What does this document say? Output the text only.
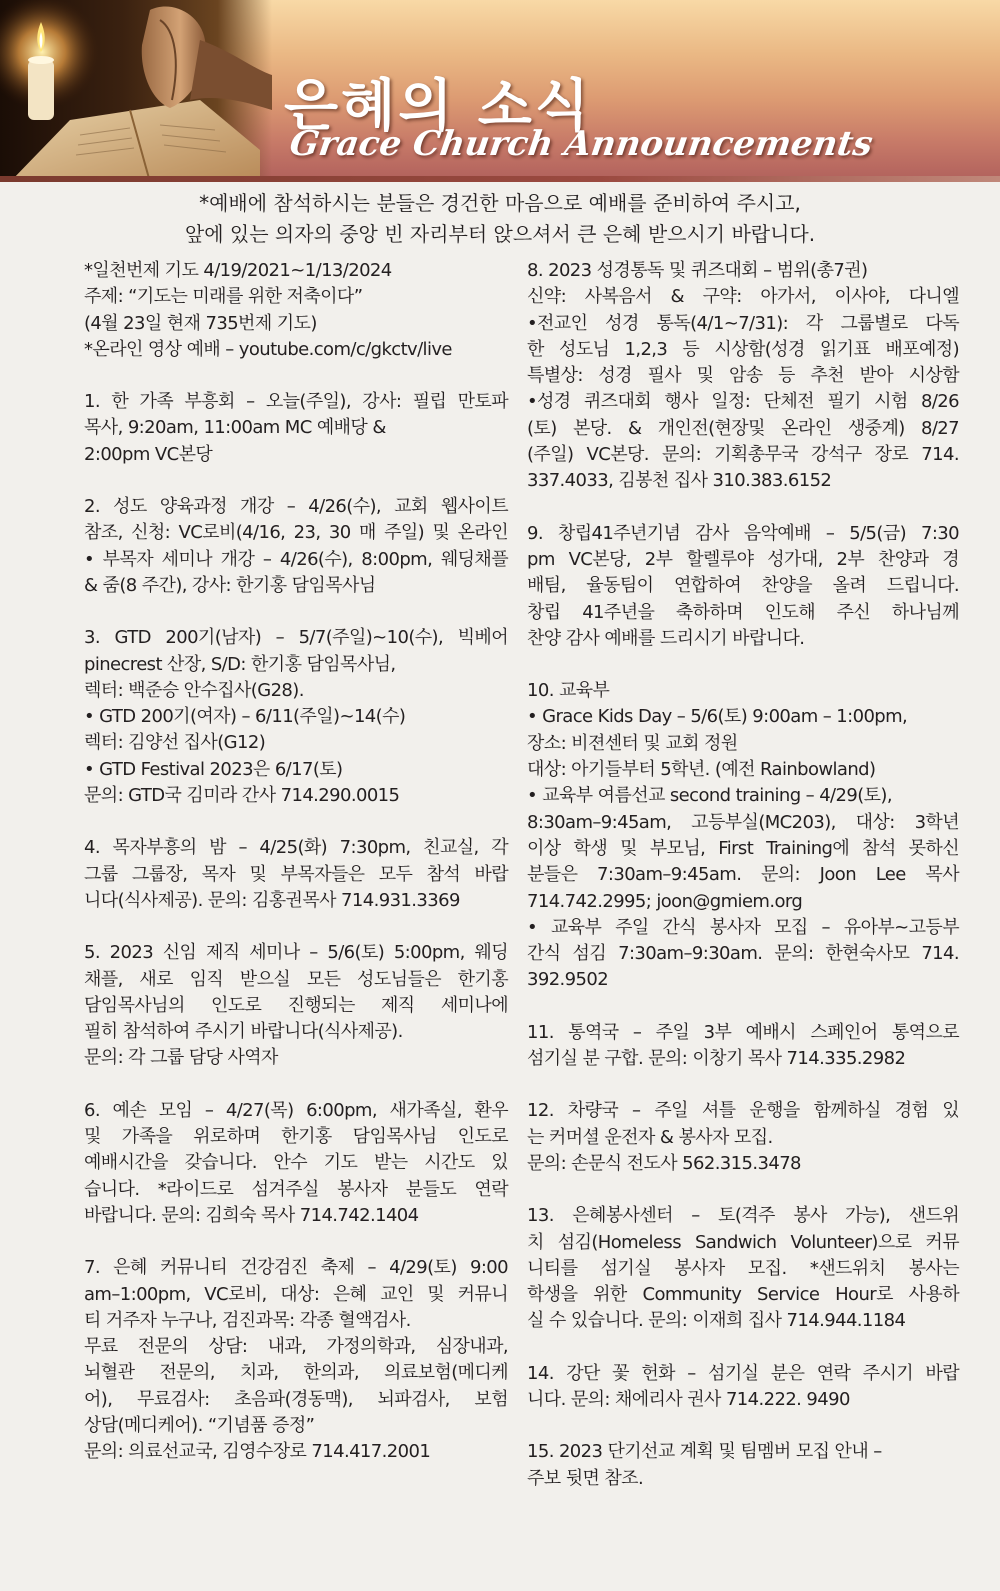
은혜의 소식
Grace Church Announcements

*예배에 참석하시는 분들은 경건한 마음으로 예배를 준비하여 주시고,

앞에 있는 의자의 중앙 빈 자리부터 앉으셔서 큰 은혜 받으시기 바랍니다.

*일천번제 기도 4/19/2021~1/13/2024
주제: “기도는 미래를 위한 저축이다”
(4월 23일 현재 735번제 기도)
*온라인 영상 예배 – youtube.com/c/gkctv/live
1. 한 가족 부흥회 – 오늘(주일), 강사: 필립 만토파
목사, 9:20am, 11:00am MC 예배당 &
2:00pm VC본당
2. 성도 양육과정 개강 – 4/26(수), 교회 웹사이트
참조, 신청: VC로비(4/16, 23, 30 매 주일) 및 온라인
• 부목자 세미나 개강 – 4/26(수), 8:00pm, 웨딩채플
& 줌(8 주간), 강사: 한기홍 담임목사님
3. GTD 200기(남자) – 5/7(주일)~10(수), 빅베어
pinecrest 산장, S/D: 한기홍 담임목사님,
렉터: 백준승 안수집사(G28).
• GTD 200기(여자) – 6/11(주일)~14(수)
렉터: 김양선 집사(G12)
• GTD Festival 2023은 6/17(토)
문의: GTD국 김미라 간사 714.290.0015
4. 목자부흥의 밤 – 4/25(화) 7:30pm, 친교실, 각
그룹 그룹장, 목자 및 부목자들은 모두 참석 바랍
니다(식사제공). 문의: 김홍권목사 714.931.3369
5. 2023 신임 제직 세미나 – 5/6(토) 5:00pm, 웨딩
채플, 새로 임직 받으실 모든 성도님들은 한기홍
담임목사님의 인도로 진행되는 제직 세미나에
필히 참석하여 주시기 바랍니다(식사제공).
문의: 각 그룹 담당 사역자
6. 예손 모임 – 4/27(목) 6:00pm, 새가족실, 환우
및 가족을 위로하며 한기홍 담임목사님 인도로
예배시간을 갖습니다. 안수 기도 받는 시간도 있
습니다. *라이드로 섬겨주실 봉사자 분들도 연락
바랍니다. 문의: 김희숙 목사 714.742.1404
7. 은혜 커뮤니티 건강검진 축제 – 4/29(토) 9:00
am–1:00pm, VC로비, 대상: 은혜 교인 및 커뮤니
티 거주자 누구나, 검진과목: 각종 혈액검사.
무료 전문의 상담: 내과, 가정의학과, 심장내과,
뇌혈관 전문의, 치과, 한의과, 의료보험(메디케
어), 무료검사: 초음파(경동맥), 뇌파검사, 보험
상담(메디케어). “기념품 증정”
문의: 의료선교국, 김영수장로 714.417.2001
8. 2023 성경통독 및 퀴즈대회 – 범위(총7권)
신약: 사복음서 & 구약: 아가서, 이사야, 다니엘
•전교인 성경 통독(4/1~7/31): 각 그룹별로 다독
한 성도님 1,2,3 등 시상함(성경 읽기표 배포예정)
특별상: 성경 필사 및 암송 등 추천 받아 시상함
•성경 퀴즈대회 행사 일정: 단체전 필기 시험 8/26
(토) 본당. & 개인전(현장및 온라인 생중계) 8/27
(주일) VC본당. 문의: 기획총무국 강석구 장로 714.
337.4033, 김봉천 집사 310.383.6152
9. 창립41주년기념 감사 음악예배 – 5/5(금) 7:30
pm VC본당, 2부 할렐루야 성가대, 2부 찬양과 경
배팀, 율동팀이 연합하여 찬양을 올려 드립니다.
창립 41주년을 축하하며 인도해 주신 하나님께
찬양 감사 예배를 드리시기 바랍니다.
10. 교육부
• Grace Kids Day – 5/6(토) 9:00am – 1:00pm,
장소: 비젼센터 및 교회 정원
대상: 아기들부터 5학년. (예전 Rainbowland)
• 교육부 여름선교 second training – 4/29(토),
8:30am–9:45am, 고등부실(MC203), 대상: 3학년
이상 학생 및 부모님, First Training에 참석 못하신
분들은 7:30am–9:45am. 문의: Joon Lee 목사
714.742.2995; joon@gmiem.org
• 교육부 주일 간식 봉사자 모집 – 유아부~고등부
간식 섬김 7:30am–9:30am. 문의: 한현숙사모 714.
392.9502
11. 통역국 – 주일 3부 예배시 스페인어 통역으로
섬기실 분 구합. 문의: 이창기 목사 714.335.2982
12. 차량국 – 주일 셔틀 운행을 함께하실 경험 있
는 커머셜 운전자 & 봉사자 모집.
문의: 손문식 전도사 562.315.3478
13. 은혜봉사센터 – 토(격주 봉사 가능), 샌드위
치 섬김(Homeless Sandwich Volunteer)으로 커뮤
니티를 섬기실 봉사자 모집. *샌드위치 봉사는
학생을 위한 Community Service Hour로 사용하
실 수 있습니다. 문의: 이재희 집사 714.944.1184
14. 강단 꽃 헌화 – 섬기실 분은 연락 주시기 바랍
니다. 문의: 채에리사 권사 714.222. 9490
15. 2023 단기선교 계획 및 팀멤버 모집 안내 –
주보 뒷면 참조.
